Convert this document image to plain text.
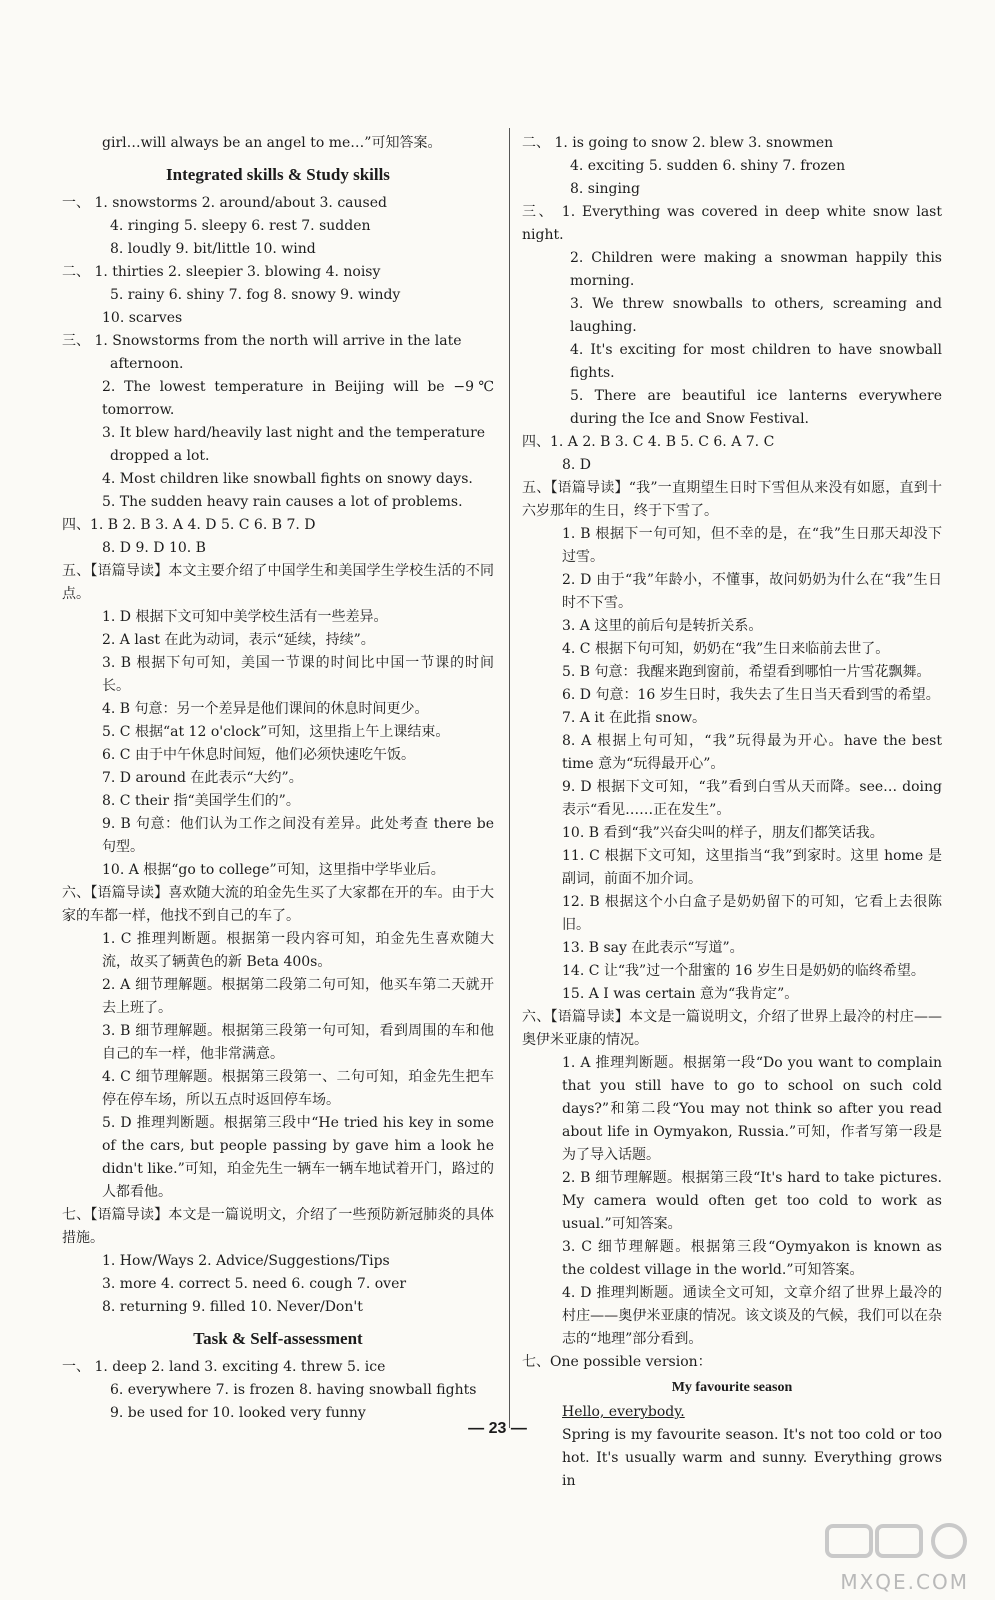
girl…will always be an angel to me…”可知答案。
Integrated skills & Study skills
一、 1. snowstorms 2. around/about 3. caused
4. ringing 5. sleepy 6. rest 7. sudden
8. loudly 9. bit/little 10. wind
二、 1. thirties 2. sleepier 3. blowing 4. noisy
5. rainy 6. shiny 7. fog 8. snowy 9. windy
10. scarves
三、 1. Snowstorms from the north will arrive in the late
afternoon.
2. The lowest temperature in Beijing will be −9℃ tomorrow.
3. It blew hard/heavily last night and the temperature
dropped a lot.
4. Most children like snowball fights on snowy days.
5. The sudden heavy rain causes a lot of problems.
四、1. B 2. B 3. A 4. D 5. C 6. B 7. D
8. D 9. D 10. B
五、【语篇导读】本文主要介绍了中国学生和美国学生学校生活的不同点。
1. D 根据下文可知中美学校生活有一些差异。
2. A last 在此为动词，表示“延续，持续”。
3. B 根据下句可知，美国一节课的时间比中国一节课的时间长。
4. B 句意：另一个差异是他们课间的休息时间更少。
5. C 根据“at 12 o'clock”可知，这里指上午上课结束。
6. C 由于中午休息时间短，他们必须快速吃午饭。
7. D around 在此表示“大约”。
8. C their 指“美国学生们的”。
9. B 句意：他们认为工作之间没有差异。此处考查 there be 句型。
10. A 根据“go to college”可知，这里指中学毕业后。
六、【语篇导读】喜欢随大流的珀金先生买了大家都在开的车。由于大家的车都一样，他找不到自己的车了。
1. C 推理判断题。根据第一段内容可知，珀金先生喜欢随大流，故买了辆黄色的新 Beta 400s。
2. A 细节理解题。根据第二段第二句可知，他买车第二天就开去上班了。
3. B 细节理解题。根据第三段第一句可知，看到周围的车和他自己的车一样，他非常满意。
4. C 细节理解题。根据第三段第一、二句可知，珀金先生把车停在停车场，所以五点时返回停车场。
5. D 推理判断题。根据第三段中“He tried his key in some of the cars, but people passing by gave him a look he didn't like.”可知，珀金先生一辆车一辆车地试着开门，路过的人都看他。
七、【语篇导读】本文是一篇说明文，介绍了一些预防新冠肺炎的具体措施。
1. How/Ways 2. Advice/Suggestions/Tips
3. more 4. correct 5. need 6. cough 7. over
8. returning 9. filled 10. Never/Don't
Task & Self-assessment
一、 1. deep 2. land 3. exciting 4. threw 5. ice
6. everywhere 7. is frozen 8. having snowball fights
9. be used for 10. looked very funny
二、 1. is going to snow 2. blew 3. snowmen
4. exciting 5. sudden 6. shiny 7. frozen
8. singing
三、 1. Everything was covered in deep white snow last night.
2. Children were making a snowman happily this morning.
3. We threw snowballs to others, screaming and laughing.
4. It's exciting for most children to have snowball fights.
5. There are beautiful ice lanterns everywhere during the Ice and Snow Festival.
四、1. A 2. B 3. C 4. B 5. C 6. A 7. C
8. D
五、【语篇导读】“我”一直期望生日时下雪但从来没有如愿，直到十六岁那年的生日，终于下雪了。
1. B 根据下一句可知，但不幸的是，在“我”生日那天却没下过雪。
2. D 由于“我”年龄小，不懂事，故问奶奶为什么在“我”生日时不下雪。
3. A 这里的前后句是转折关系。
4. C 根据下句可知，奶奶在“我”生日来临前去世了。
5. B 句意：我醒来跑到窗前，希望看到哪怕一片雪花飘舞。
6. D 句意：16 岁生日时，我失去了生日当天看到雪的希望。
7. A it 在此指 snow。
8. A 根据上句可知，“我”玩得最为开心。have the best time 意为“玩得最开心”。
9. D 根据下文可知，“我”看到白雪从天而降。see… doing 表示“看见……正在发生”。
10. B 看到“我”兴奋尖叫的样子，朋友们都笑话我。
11. C 根据下文可知，这里指当“我”到家时。这里 home 是副词，前面不加介词。
12. B 根据这个小白盒子是奶奶留下的可知，它看上去很陈旧。
13. B say 在此表示“写道”。
14. C 让“我”过一个甜蜜的 16 岁生日是奶奶的临终希望。
15. A I was certain 意为“我肯定”。
六、【语篇导读】本文是一篇说明文，介绍了世界上最冷的村庄——奥伊米亚康的情况。
1. A 推理判断题。根据第一段“Do you want to complain that you still have to go to school on such cold days?”和第二段“You may not think so after you read about life in Oymyakon, Russia.”可知，作者写第一段是为了导入话题。
2. B 细节理解题。根据第三段“It's hard to take pictures. My camera would often get too cold to work as usual.”可知答案。
3. C 细节理解题。根据第三段“Oymyakon is known as the coldest village in the world.”可知答案。
4. D 推理判断题。通读全文可知，文章介绍了世界上最冷的村庄——奥伊米亚康的情况。该文谈及的气候，我们可以在杂志的“地理”部分看到。
七、One possible version：
My favourite season
Hello, everybody.
Spring is my favourite season. It's not too cold or too hot. It's usually warm and sunny. Everything grows in
— 23 —
MXQE.COM
